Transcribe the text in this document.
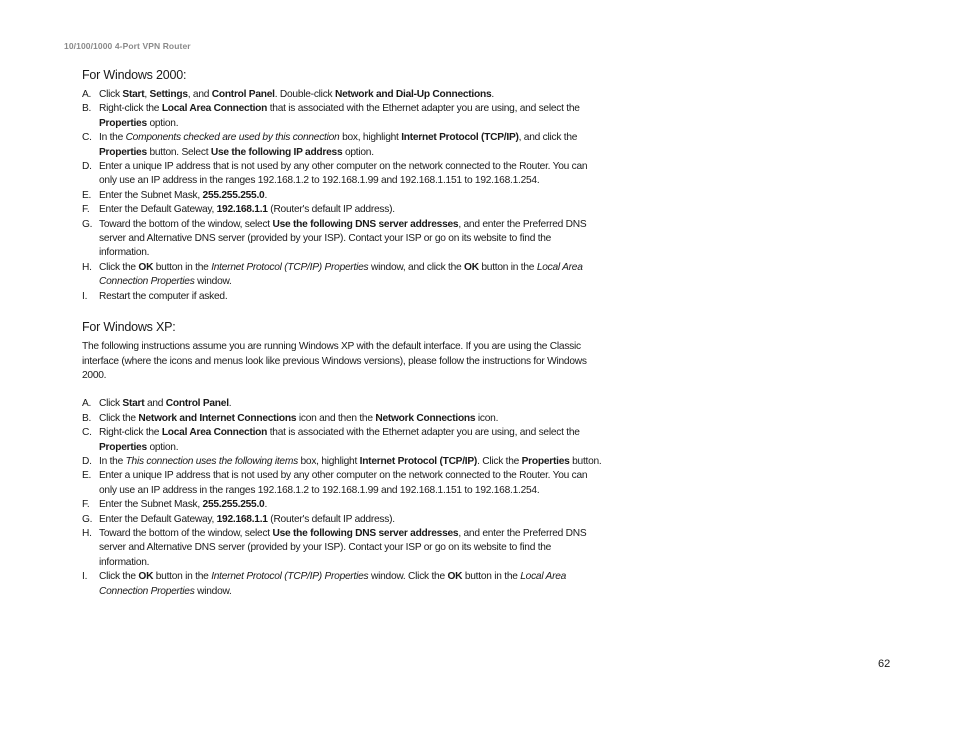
10/100/1000 4-Port VPN Router
For Windows 2000:
A. Click Start, Settings, and Control Panel. Double-click Network and Dial-Up Connections.
B. Right-click the Local Area Connection that is associated with the Ethernet adapter you are using, and select the Properties option.
C. In the Components checked are used by this connection box, highlight Internet Protocol (TCP/IP), and click the Properties button. Select Use the following IP address option.
D. Enter a unique IP address that is not used by any other computer on the network connected to the Router. You can only use an IP address in the ranges 192.168.1.2 to 192.168.1.99 and 192.168.1.151 to 192.168.1.254.
E. Enter the Subnet Mask, 255.255.255.0.
F. Enter the Default Gateway, 192.168.1.1 (Router's default IP address).
G. Toward the bottom of the window, select Use the following DNS server addresses, and enter the Preferred DNS server and Alternative DNS server (provided by your ISP). Contact your ISP or go on its website to find the information.
H. Click the OK button in the Internet Protocol (TCP/IP) Properties window, and click the OK button in the Local Area Connection Properties window.
I. Restart the computer if asked.
For Windows XP:

The following instructions assume you are running Windows XP with the default interface. If you are using the Classic interface (where the icons and menus look like previous Windows versions), please follow the instructions for Windows 2000.

A. Click Start and Control Panel.
B. Click the Network and Internet Connections icon and then the Network Connections icon.
C. Right-click the Local Area Connection that is associated with the Ethernet adapter you are using, and select the Properties option.
D. In the This connection uses the following items box, highlight Internet Protocol (TCP/IP). Click the Properties button.
E. Enter a unique IP address that is not used by any other computer on the network connected to the Router. You can only use an IP address in the ranges 192.168.1.2 to 192.168.1.99 and 192.168.1.151 to 192.168.1.254.
F. Enter the Subnet Mask, 255.255.255.0.
G. Enter the Default Gateway, 192.168.1.1 (Router's default IP address).
H. Toward the bottom of the window, select Use the following DNS server addresses, and enter the Preferred DNS server and Alternative DNS server (provided by your ISP). Contact your ISP or go on its website to find the information.
I. Click the OK button in the Internet Protocol (TCP/IP) Properties window. Click the OK button in the Local Area Connection Properties window.
62
